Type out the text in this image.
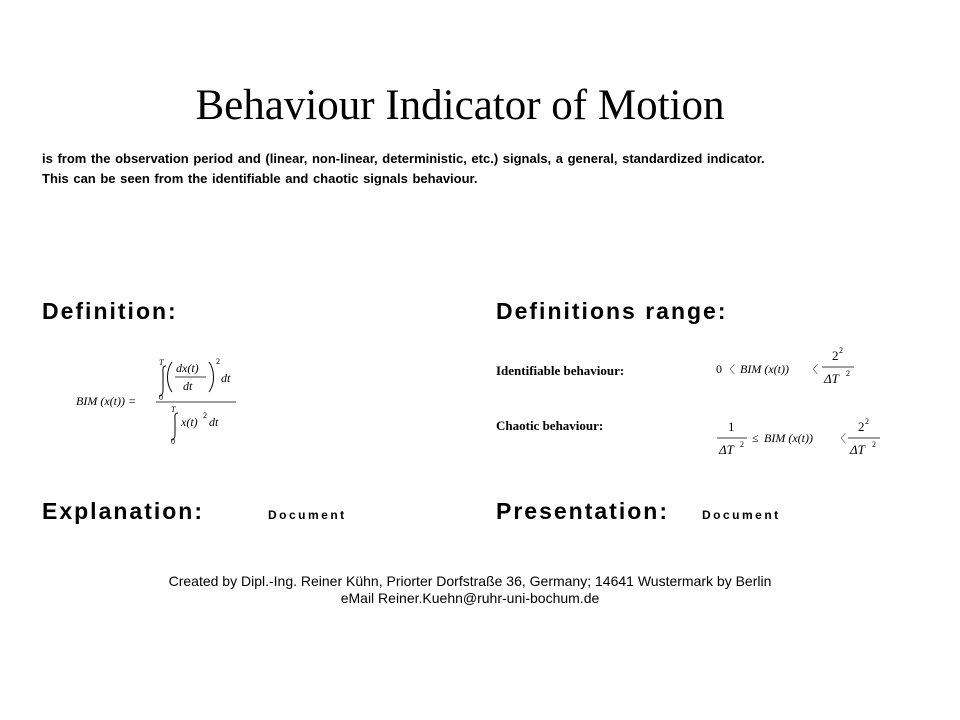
Behaviour Indicator of Motion
is from the observation period and (linear, non-linear, deterministic, etc.) signals, a general, standardized indicator.
This can be seen from the identifiable and chaotic signals behaviour.
Definition:
BIM (x(t)) =
T
0
dx(t)
dt
2
dt
T
0
x(t) 2 dt
Definitions range:
Identifiable behaviour:	0 〈 BIM (x(t)) 〈
2 2
ΔT 2
Chaotic behaviour:	1
ΔT 2 ≤ BIM (x(t)) 〈
2 2
ΔT 2
Explanation:	Document	Presentation:	Document
Created by Dipl.-Ing. Reiner Kühn, Priorter Dorfstraße 36, Germany; 14641 Wustermark by Berlin
eMail Reiner.Kuehn@ruhr-uni-bochum.de
